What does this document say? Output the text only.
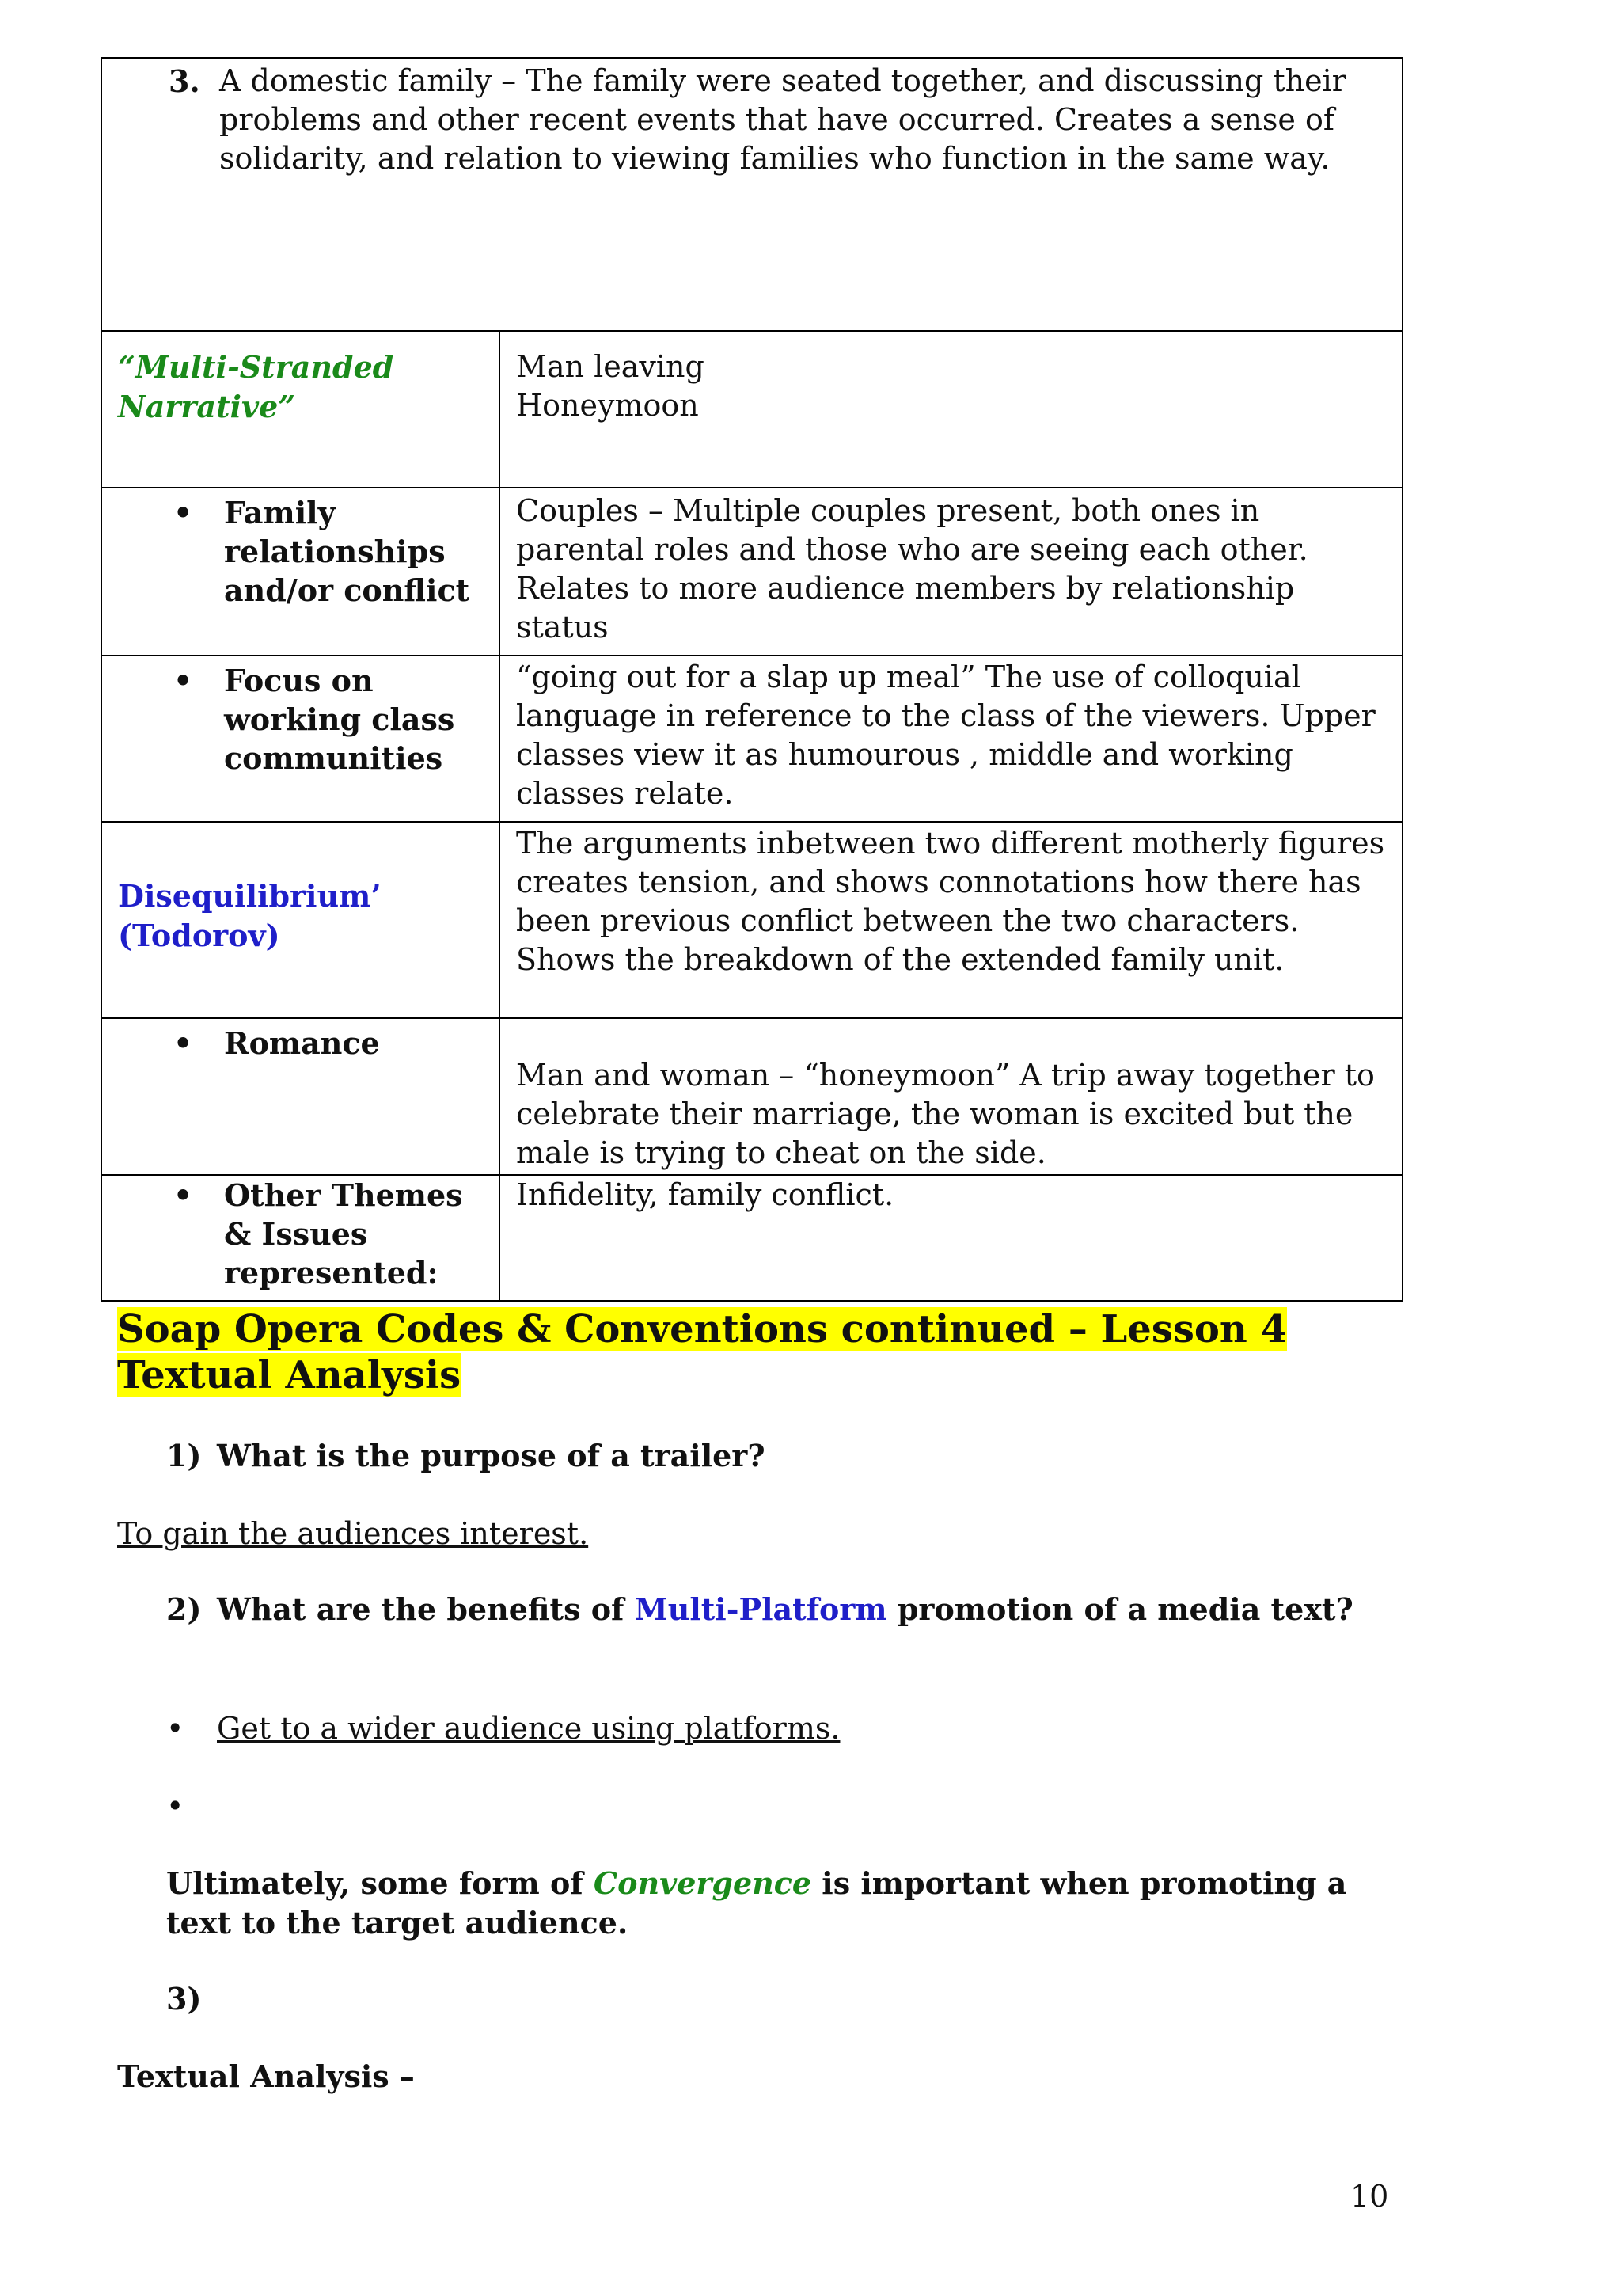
3. A domestic family – The family were seated together, and discussing their problems and other recent events that have occurred. Creates a sense of solidarity, and relation to viewing families who function in the same way.	

“Multi-Stranded Narrative”	Man leaving
Honeymoon

• Family relationships and/or conflict	Couples – Multiple couples present, both ones in parental roles and those who are seeing each other. Relates to more audience members by relationship status

• Focus on working class communities	“going out for a slap up meal” The use of colloquial language in reference to the class of the viewers. Upper classes view it as humourous , middle and working classes relate.
Disequilibrium’ (Todorov)	The arguments inbetween two different motherly figures creates tension, and shows connotations how there has been previous conflict between the two characters. Shows the breakdown of the extended family unit.

• Romance	Man and woman – “honeymoon” A trip away together to celebrate their marriage, the woman is excited but the male is trying to cheat on the side.

• Other Themes & Issues represented:	Infidelity, family conflict.
Soap Opera Codes & Conventions continued – Lesson 4
Textual Analysis
1) What is the purpose of a trailer?
To gain the audiences interest.
2) What are the benefits of Multi-Platform promotion of a media text?
• Get to a wider audience using platforms.
•
Ultimately, some form of Convergence is important when promoting a text to the target audience.
3)
Textual Analysis –
10
